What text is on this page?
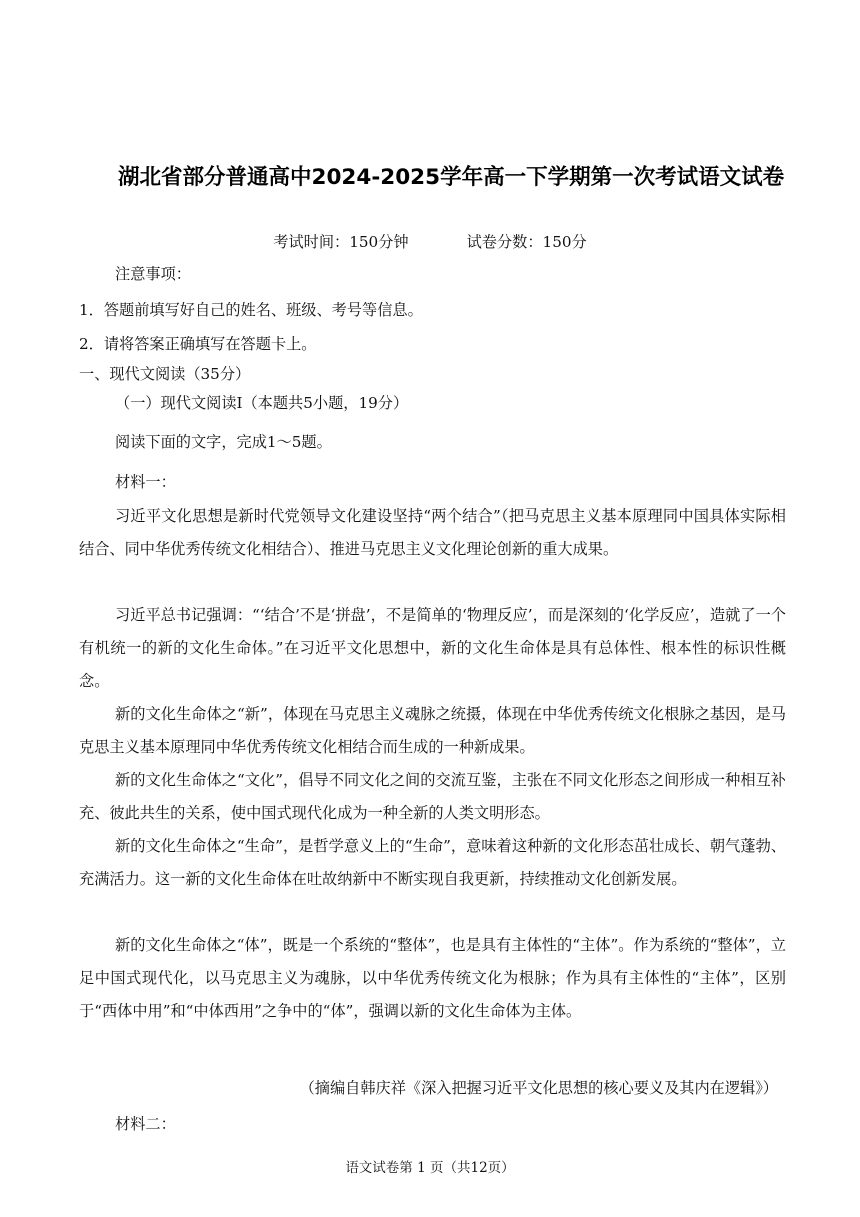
湖北省部分普通高中2024-2025学年高一下学期第一次考试语文试卷
考试时间：150分钟	试卷分数：150分
注意事项：
1．答题前填写好自己的姓名、班级、考号等信息。
2．请将答案正确填写在答题卡上。
一、现代文阅读（35分）
（一）现代文阅读Ⅰ（本题共5小题，19分）
阅读下面的文字，完成1～5题。
材料一：
习近平文化思想是新时代党领导文化建设坚持“两个结合”（把马克思主义基本原理同中国具体实际相结合、同中华优秀传统文化相结合）、推进马克思主义文化理论创新的重大成果。
习近平总书记强调：“‘结合’不是‘拼盘’，不是简单的‘物理反应’，而是深刻的‘化学反应’，造就了一个有机统一的新的文化生命体。”在习近平文化思想中，新的文化生命体是具有总体性、根本性的标识性概念。
新的文化生命体之“新”，体现在马克思主义魂脉之统摄，体现在中华优秀传统文化根脉之基因，是马克思主义基本原理同中华优秀传统文化相结合而生成的一种新成果。
新的文化生命体之“文化”，倡导不同文化之间的交流互鉴，主张在不同文化形态之间形成一种相互补充、彼此共生的关系，使中国式现代化成为一种全新的人类文明形态。
新的文化生命体之“生命”，是哲学意义上的“生命”，意味着这种新的文化形态茁壮成长、朝气蓬勃、充满活力。这一新的文化生命体在吐故纳新中不断实现自我更新，持续推动文化创新发展。
新的文化生命体之“体”，既是一个系统的“整体”，也是具有主体性的“主体”。作为系统的“整体”，立足中国式现代化，以马克思主义为魂脉，以中华优秀传统文化为根脉；作为具有主体性的“主体”，区别于“西体中用”和“中体西用”之争中的“体”，强调以新的文化生命体为主体。
（摘编自韩庆祥《深入把握习近平文化思想的核心要义及其内在逻辑》）
材料二：
语文试卷第 1 页（共12页）
